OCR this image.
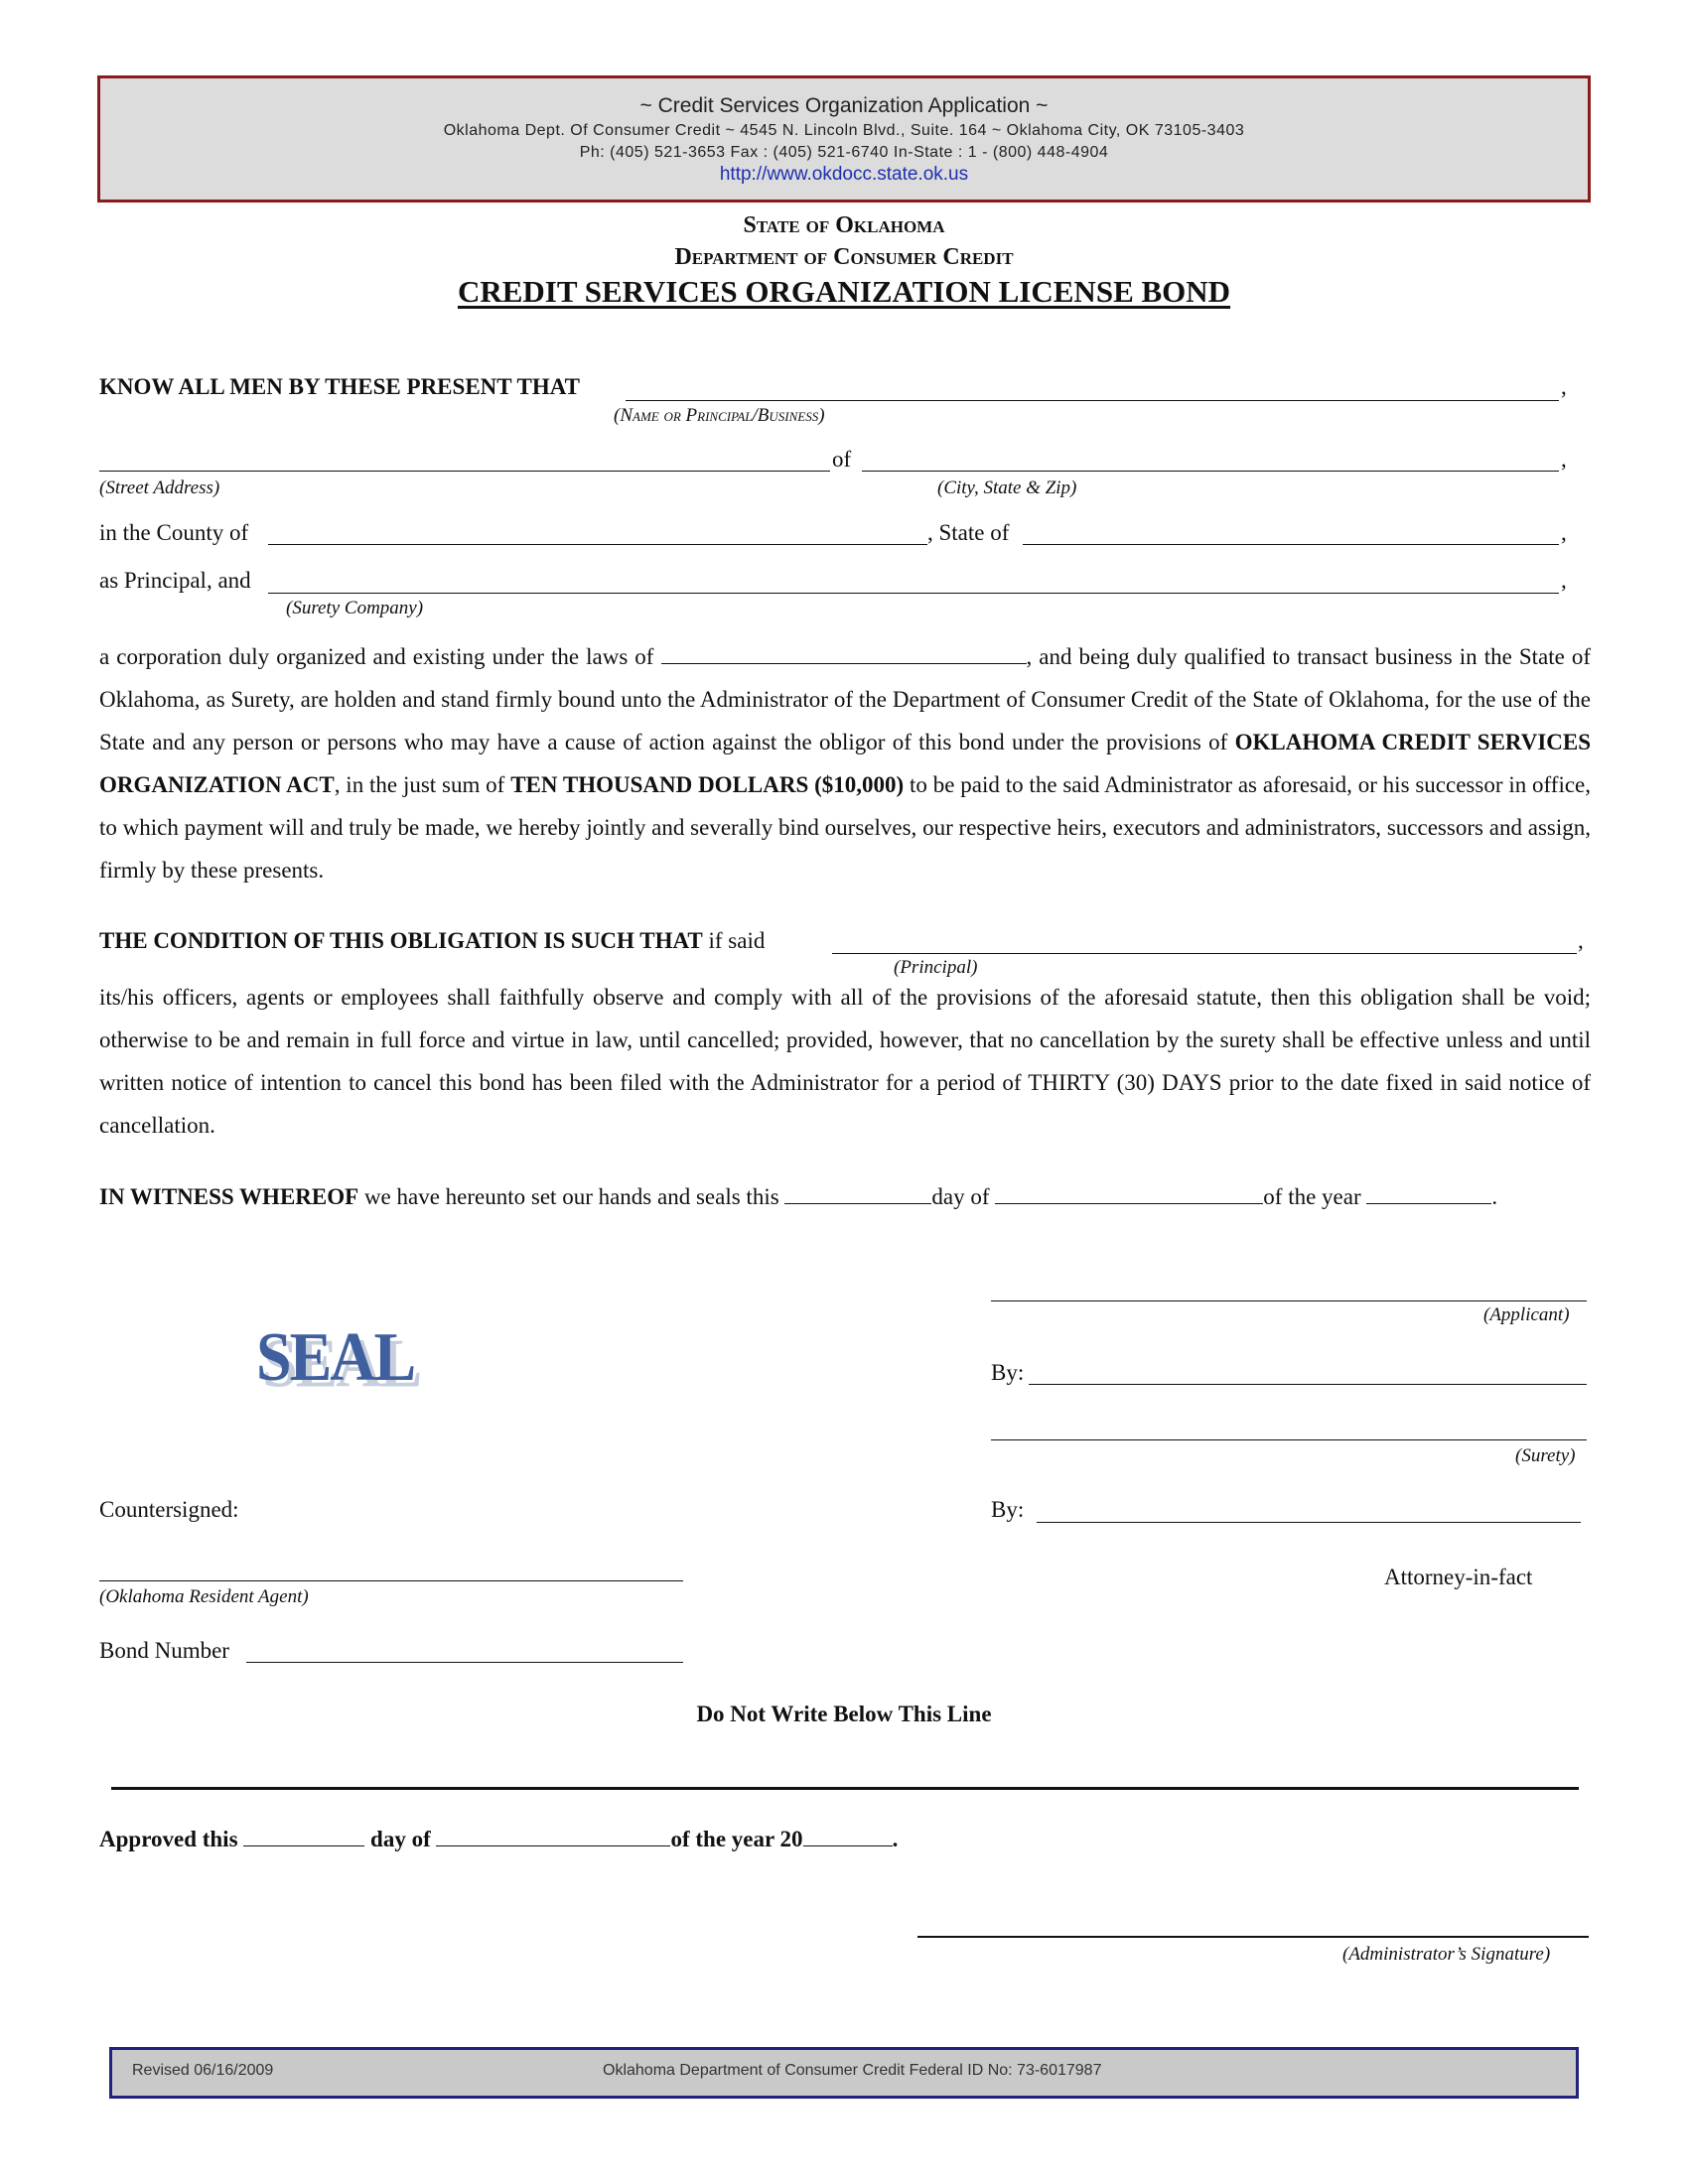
~ Credit Services Organization Application ~
Oklahoma Dept. Of Consumer Credit ~ 4545 N. Lincoln Blvd., Suite. 164 ~ Oklahoma City, OK 73105-3403
Ph: (405) 521-3653 Fax : (405) 521-6740 In-State : 1 - (800) 448-4904
http://www.okdocc.state.ok.us
State of Oklahoma
Department of Consumer Credit
CREDIT SERVICES ORGANIZATION LICENSE BOND
KNOW ALL MEN BY THESE PRESENT THAT	,
(Name or Principal/Business)
of	,
(Street Address)	(City, State & Zip)
in the County of	, State of	,
as Principal, and	,
(Surety Company)
a corporation duly organized and existing under the laws of	, and being duly qualified to transact business in the State of Oklahoma, as Surety, are holden and stand firmly bound unto the Administrator of the Department of Consumer Credit of the State of Oklahoma, for the use of the State and any person or persons who may have a cause of action against the obligor of this bond under the provisions of OKLAHOMA CREDIT SERVICES ORGANIZATION ACT, in the just sum of TEN THOUSAND DOLLARS ($10,000) to be paid to the said Administrator as aforesaid, or his successor in office, to which payment will and truly be made, we hereby jointly and severally bind ourselves, our respective heirs, executors and administrators, successors and assign, firmly by these presents.
THE CONDITION OF THIS OBLIGATION IS SUCH THAT if said	,
(Principal)
its/his officers, agents or employees shall faithfully observe and comply with all of the provisions of the aforesaid statute, then this obligation shall be void; otherwise to be and remain in full force and virtue in law, until cancelled; provided, however, that no cancellation by the surety shall be effective unless and until written notice of intention to cancel this bond has been filed with the Administrator for a period of THIRTY (30) DAYS prior to the date fixed in said notice of cancellation.
IN WITNESS WHEREOF we have hereunto set our hands and seals this	day of	of the year	.
(Applicant)
SEAL	By:
(Surety)
Countersigned:	By:
(Oklahoma Resident Agent)
Attorney-in-fact
Bond Number
Do Not Write Below This Line
Approved this	day of	of the year 20	.
(Administrator’s Signature)
Revised 06/16/2009	Oklahoma Department of Consumer Credit Federal ID No: 73-6017987
